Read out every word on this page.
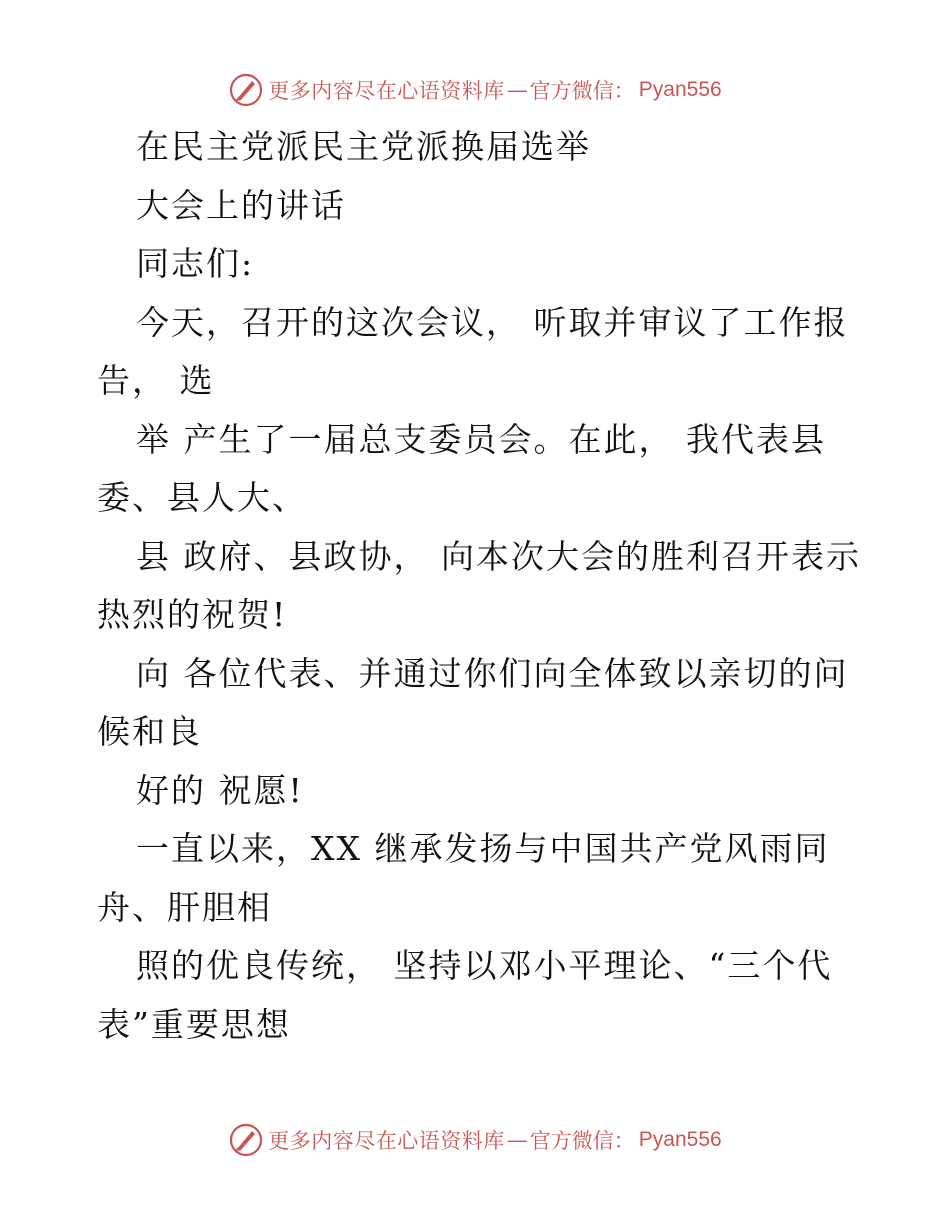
更多内容尽在心语资料库 — 官方微信： Pyan556
在民主党派民主党派换届选举
大会上的讲话
同志们:
今天，召开的这次会议， 听取并审议了工作报
告， 选
举 产生了一届总支委员会。在此， 我代表县
委、县人大、
县 政府、县政协， 向本次大会的胜利召开表示
热烈的祝贺!
向 各位代表、并通过你们向全体致以亲切的问
候和良
好的 祝愿!
一直以来，XX 继承发扬与中国共产党风雨同
舟、肝胆相
照的优良传统， 坚持以邓小平理论、“三个代
表”重要思想
更多内容尽在心语资料库 — 官方微信： Pyan556
